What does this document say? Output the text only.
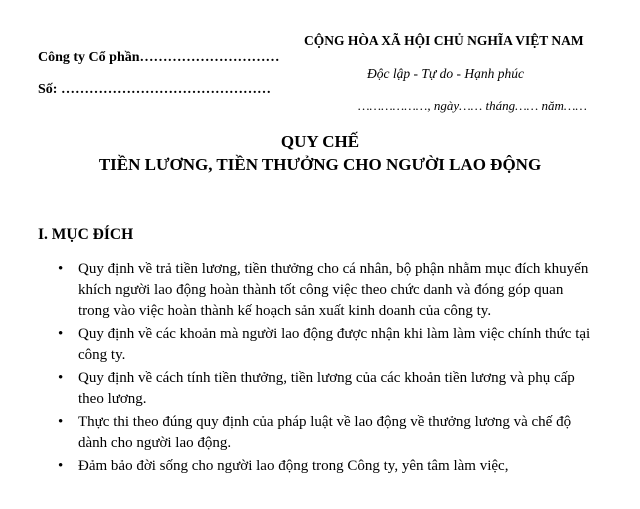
Công ty Cổ phần…………………………
Số: ………………………………………
CỘNG HÒA XÃ HỘI CHỦ NGHĨA VIỆT NAM
Độc lập - Tự do - Hạnh phúc
………………, ngày…… tháng…… năm……
QUY CHẾ
TIỀN LƯƠNG, TIỀN THƯỞNG CHO NGƯỜI LAO ĐỘNG
I. MỤC ĐÍCH
• Quy định về trả tiền lương, tiền thưởng cho cá nhân, bộ phận nhằm mục đích khuyến khích người lao động hoàn thành tốt công việc theo chức danh và đóng góp quan trong vào việc hoàn thành kế hoạch sản xuất kinh doanh của công ty.
• Quy định về các khoản mà người lao động được nhận khi làm làm việc chính thức tại công ty.
• Quy định về cách tính tiền thưởng, tiền lương của các khoản tiền lương và phụ cấp theo lương.
• Thực thi theo đúng quy định của pháp luật về lao động về thưởng lương và chế độ dành cho người lao động.
• Đảm bảo đời sống cho người lao động trong Công ty, yên tâm làm việc,
